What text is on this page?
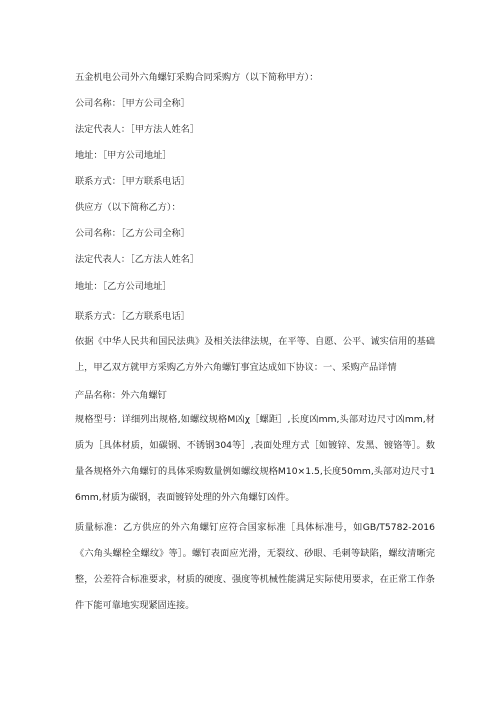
五金机电公司外六角螺钉采购合同采购方（以下简称甲方）：
公司名称：［甲方公司全称］
法定代表人：［甲方法人姓名］
地址：［甲方公司地址］
联系方式：［甲方联系电话］
供应方（以下简称乙方）：
公司名称：［乙方公司全称］
法定代表人：［乙方法人姓名］
地址：［乙方公司地址］
联系方式：［乙方联系电话］
依据《中华人民共和国民法典》及相关法律法规，在平等、自愿、公平、诚实信用的基础上，甲乙双方就甲方采购乙方外六角螺钉事宜达成如下协议：一、采购产品详情
产品名称：外六角螺钉
规格型号：详细列出规格,如螺纹规格M凶χ［螺距］,长度凶mm,头部对边尺寸凶mm,材质为［具体材质，如碳钢、不锈钢304等］,表面处理方式［如镀锌、发黑、镀铬等］。数量各规格外六角螺钉的具体采购数量例如螺纹规格M10×1.5,长度50mm,头部对边尺寸16mm,材质为碳钢，表面镀锌处理的外六角螺钉凶件。
质量标准：乙方供应的外六角螺钉应符合国家标准［具体标准号，如GB/T5782-2016《六角头螺栓全螺纹》等］。螺钉表面应光滑，无裂纹、砂眼、毛刺等缺陷，螺纹清晰完整，公差符合标准要求，材质的硬度、强度等机械性能满足实际使用要求，在正常工作条件下能可靠地实现紧固连接。
